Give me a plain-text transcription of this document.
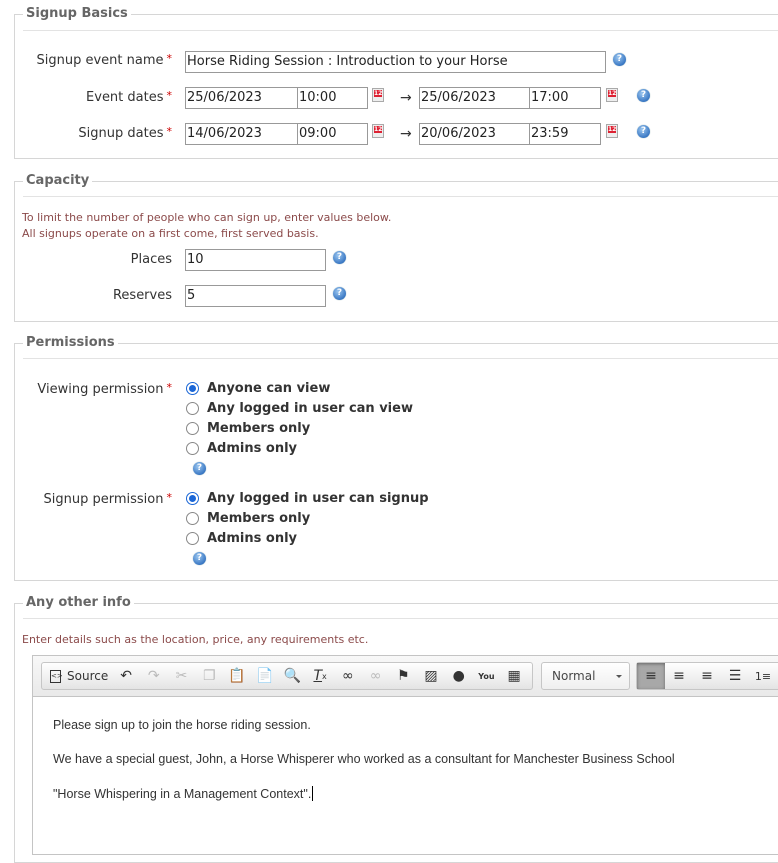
Signup Basics
Signup event name * Horse Riding Session : Introduction to your Horse	?
Event dates * 25/06/2023	10:00 12	→ 25/06/2023	17:00 12	?
Signup dates * 14/06/2023	09:00 12	→ 20/06/2023	23:59 12	?
Capacity
To limit the number of people who can sign up, enter values below.
All signups operate on a first come, first served basis.
Places 10	?
Reserves 5	?
Permissions
Viewing permission *	Anyone can view
Any logged in user can view
Members only
Admins only
?
Signup permission *	Any logged in user can signup
Members only
Admins only
?
Any other info
Enter details such as the location, price, any requirements etc.
<> Source ↶	↷	✂	❐ 📋 📄 🔍 T x	∞	∞	⚑	▨	●	You ▦	Normal	≡	≡	≡	☰	1≡

Please sign up to join the horse riding session.

We have a special guest, John, a Horse Whisperer who worked as a consultant for Manchester Business School

"Horse Whispering in a Management Context".
